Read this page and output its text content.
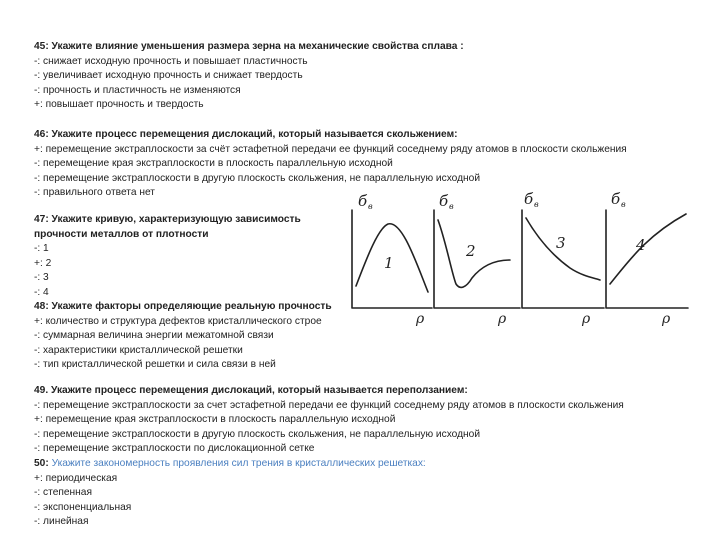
45: Укажите влияние уменьшения размера зерна на механические свойства сплава :
-: снижает исходную прочность и повышает пластичность
-: увеличивает исходную прочность и снижает твердость
-: прочность и пластичность не изменяются
+: повышает прочность и твердость
46: Укажите процесс перемещения дислокаций, который называется скольжением:
+: перемещение экстраплоскости за счёт эстафетной передачи ее функций соседнему ряду атомов в плоскости скольжения
-: перемещение края экстраплоскости в плоскость параллельную исходной
-: перемещение экстраплоскости в другую плоскость скольжения, не параллельную исходной
-: правильного ответа нет
47: Укажите кривую, характеризующую зависимость
прочности металлов от плотности
-: 1
+: 2
-: 3
-: 4
48: Укажите факторы определяющие реальную прочность
+: количество и структура дефектов кристаллического строе
-: суммарная величина энергии межатомной связи
-: характеристики кристаллической решетки
-: тип кристаллической решетки и сила связи в ней
49. Укажите процесс перемещения дислокаций, который называется переползанием:
-: перемещение экстраплоскости за счет эстафетной передачи ее функций соседнему ряду атомов в плоскости скольжения
+: перемещение края экстраплоскости в плоскость параллельную исходной
-: перемещение экстраплоскости в другую плоскость скольжения, не параллельную исходной
-: перемещение экстраплоскости по дислокационной сетке
50: Укажите закономерность проявления сил трения в кристаллических решетках:
+: периодическая
-: степенная
-: экспоненциальная
-: линейная
б в	б в	б в	б в
1
2	3	4
ρ	ρ	ρ	ρ
